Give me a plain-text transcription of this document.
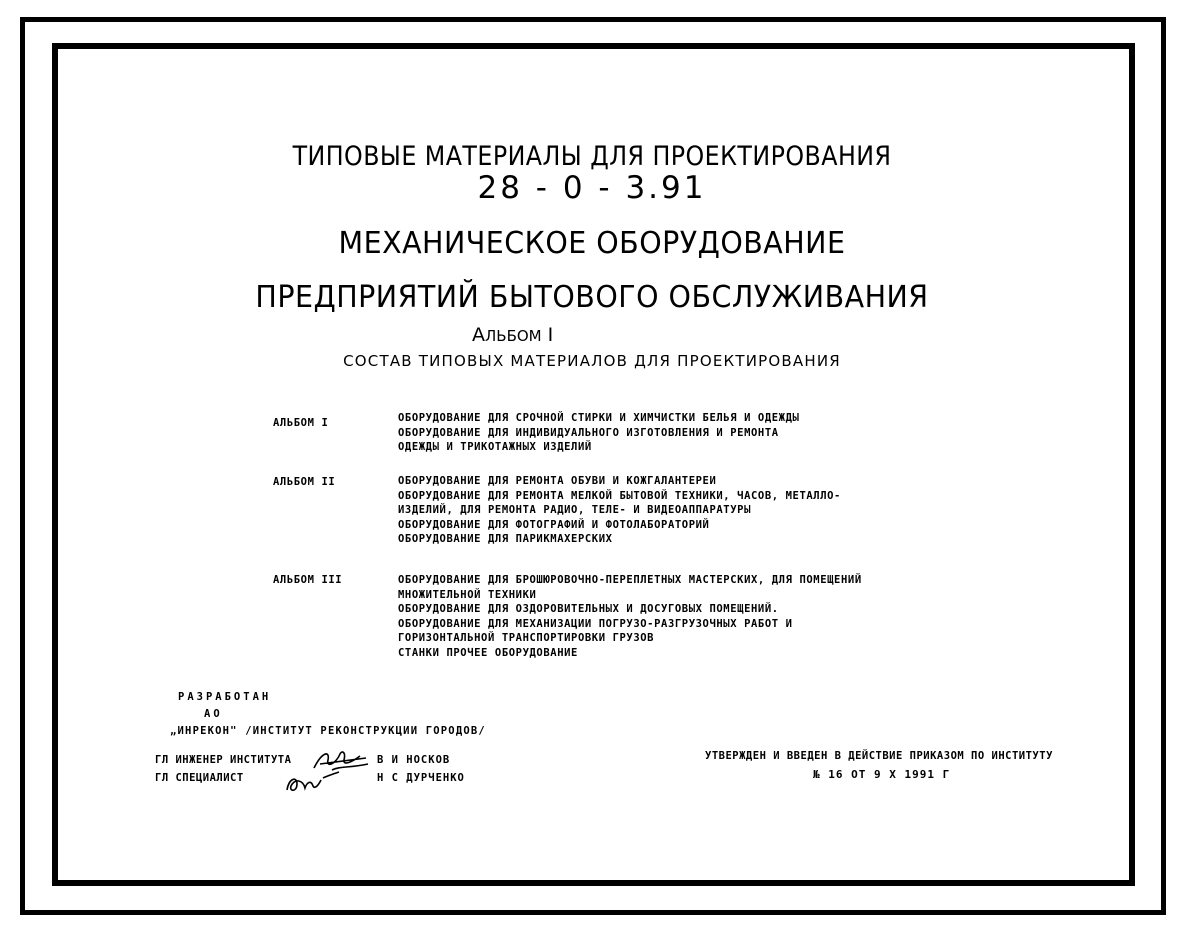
ТИПОВЫЕ МАТЕРИАЛЫ ДЛЯ ПРОЕКТИРОВАНИЯ
28 - 0 - 3.91
МЕХАНИЧЕСКОЕ ОБОРУДОВАНИЕ
ПРЕДПРИЯТИЙ БЫТОВОГО ОБСЛУЖИВАНИЯ
АЛЬБОМ I
СОСТАВ ТИПОВЫХ МАТЕРИАЛОВ ДЛЯ ПРОЕКТИРОВАНИЯ
АЛЬБОМ I	ОБОРУДОВАНИЕ ДЛЯ СРОЧНОЙ СТИРКИ И ХИМЧИСТКИ БЕЛЬЯ И ОДЕЖДЫ
ОБОРУДОВАНИЕ ДЛЯ ИНДИВИДУАЛЬНОГО ИЗГОТОВЛЕНИЯ И РЕМОНТА
ОДЕЖДЫ И ТРИКОТАЖНЫХ ИЗДЕЛИЙ
АЛЬБОМ II	ОБОРУДОВАНИЕ ДЛЯ РЕМОНТА ОБУВИ И КОЖГАЛАНТЕРЕИ
ОБОРУДОВАНИЕ ДЛЯ РЕМОНТА МЕЛКОЙ БЫТОВОЙ ТЕХНИКИ, ЧАСОВ, МЕТАЛЛО-
ИЗДЕЛИЙ, ДЛЯ РЕМОНТА РАДИО, ТЕЛЕ- И ВИДЕОАППАРАТУРЫ
ОБОРУДОВАНИЕ ДЛЯ ФОТОГРАФИЙ И ФОТОЛАБОРАТОРИЙ
ОБОРУДОВАНИЕ ДЛЯ ПАРИКМАХЕРСКИХ
АЛЬБОМ III	ОБОРУДОВАНИЕ ДЛЯ БРОШЮРОВОЧНО-ПЕРЕПЛЕТНЫХ МАСТЕРСКИХ, ДЛЯ ПОМЕЩЕНИЙ
МНОЖИТЕЛЬНОЙ ТЕХНИКИ
ОБОРУДОВАНИЕ ДЛЯ ОЗДОРОВИТЕЛЬНЫХ И ДОСУГОВЫХ ПОМЕЩЕНИЙ.
ОБОРУДОВАНИЕ ДЛЯ МЕХАНИЗАЦИИ ПОГРУЗО-РАЗГРУЗОЧНЫХ РАБОТ И
ГОРИЗОНТАЛЬНОЙ ТРАНСПОРТИРОВКИ ГРУЗОВ
СТАНКИ ПРОЧЕЕ ОБОРУДОВАНИЕ
РАЗРАБОТАН
АО
„ИНРЕКОН" /ИНСТИТУТ РЕКОНСТРУКЦИИ ГОРОДОВ/
ГЛ ИНЖЕНЕР ИНСТИТУТА	В И НОСКОВ
ГЛ СПЕЦИАЛИСТ	Н С ДУРЧЕНКО
УТВЕРЖДЕН И ВВЕДЕН В ДЕЙСТВИЕ ПРИКАЗОМ ПО ИНСТИТУТУ
№ 16 ОТ 9 X 1991 Г
